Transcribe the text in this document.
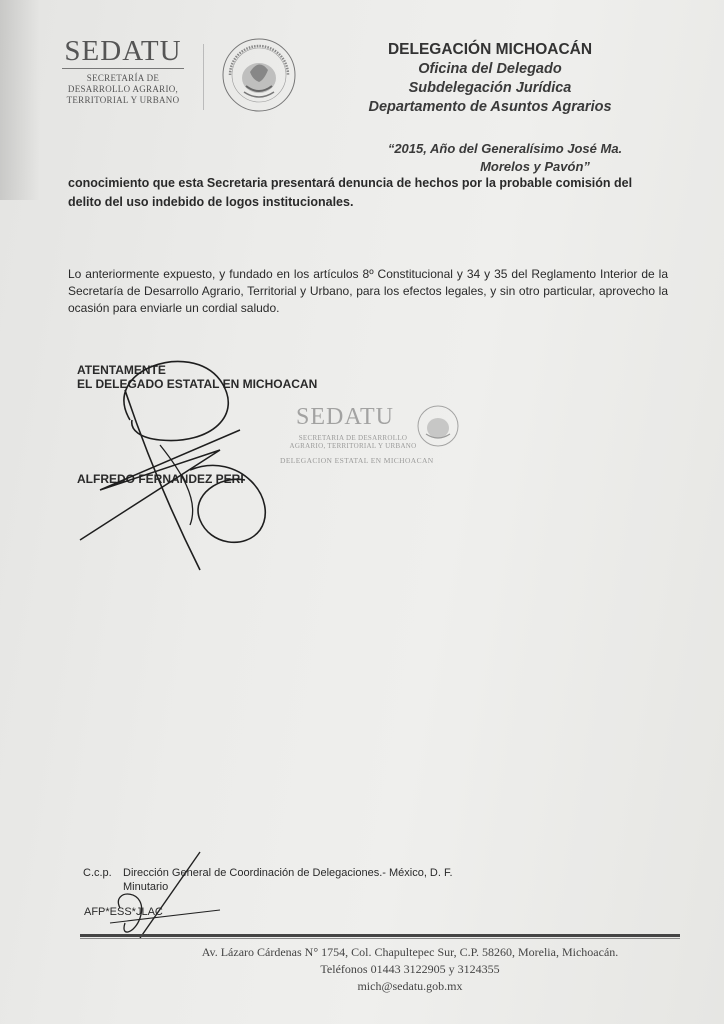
SEDATU
SECRETARÍA DE
DESARROLLO AGRARIO,
TERRITORIAL Y URBANO
DELEGACIÓN MICHOACÁN
Oficina del Delegado
Subdelegación Jurídica
Departamento de Asuntos Agrarios
“2015, Año del Generalísimo José Ma.
Morelos y Pavón”
conocimiento que esta Secretaria presentará denuncia de hechos por la probable comisión del
delito del uso indebido de logos institucionales.
Lo anteriormente expuesto, y fundado en los artículos 8º Constitucional y 34 y 35 del Reglamento Interior de la Secretaría de Desarrollo Agrario, Territorial y Urbano, para los efectos legales, y sin otro particular, aprovecho la ocasión para enviarle un cordial saludo.
ATENTAMENTE
EL DELEGADO ESTATAL EN MICHOACAN
ALFREDO FERNANDEZ PERI
SEDATU
SECRETARIA DE DESARROLLO
AGRARIO, TERRITORIAL Y URBANO
DELEGACION ESTATAL EN MICHOACAN
C.c.p. Dirección General de Coordinación de Delegaciones.- México, D. F.
Minutario
AFP*ESS*JLAC
Av. Lázaro Cárdenas N° 1754, Col. Chapultepec Sur, C.P. 58260, Morelia, Michoacán.
Teléfonos 01443 3122905 y 3124355
mich@sedatu.gob.mx
